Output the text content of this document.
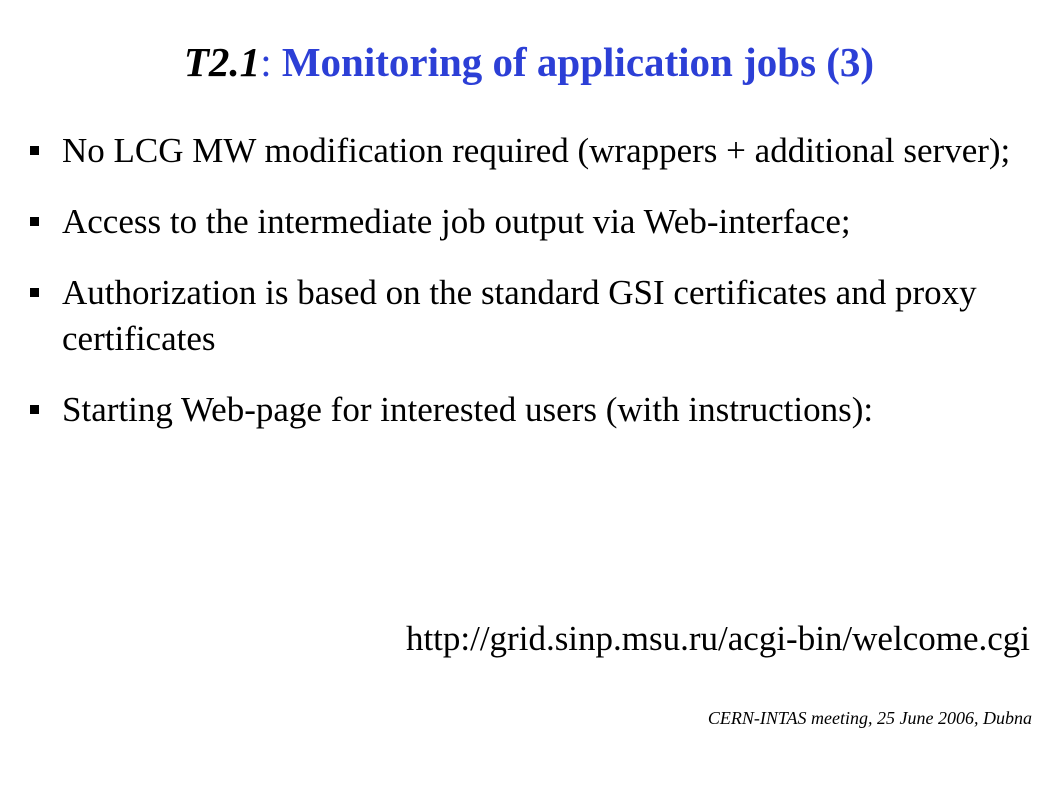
T2.1: Monitoring of application jobs (3)
No LCG MW modification required (wrappers + additional server);
Access to the intermediate job output via Web-interface;
Authorization is based on the standard GSI certificates and proxy certificates
Starting Web-page for interested users (with instructions):
http://grid.sinp.msu.ru/acgi-bin/welcome.cgi
CERN-INTAS meeting, 25 June 2006, Dubna
